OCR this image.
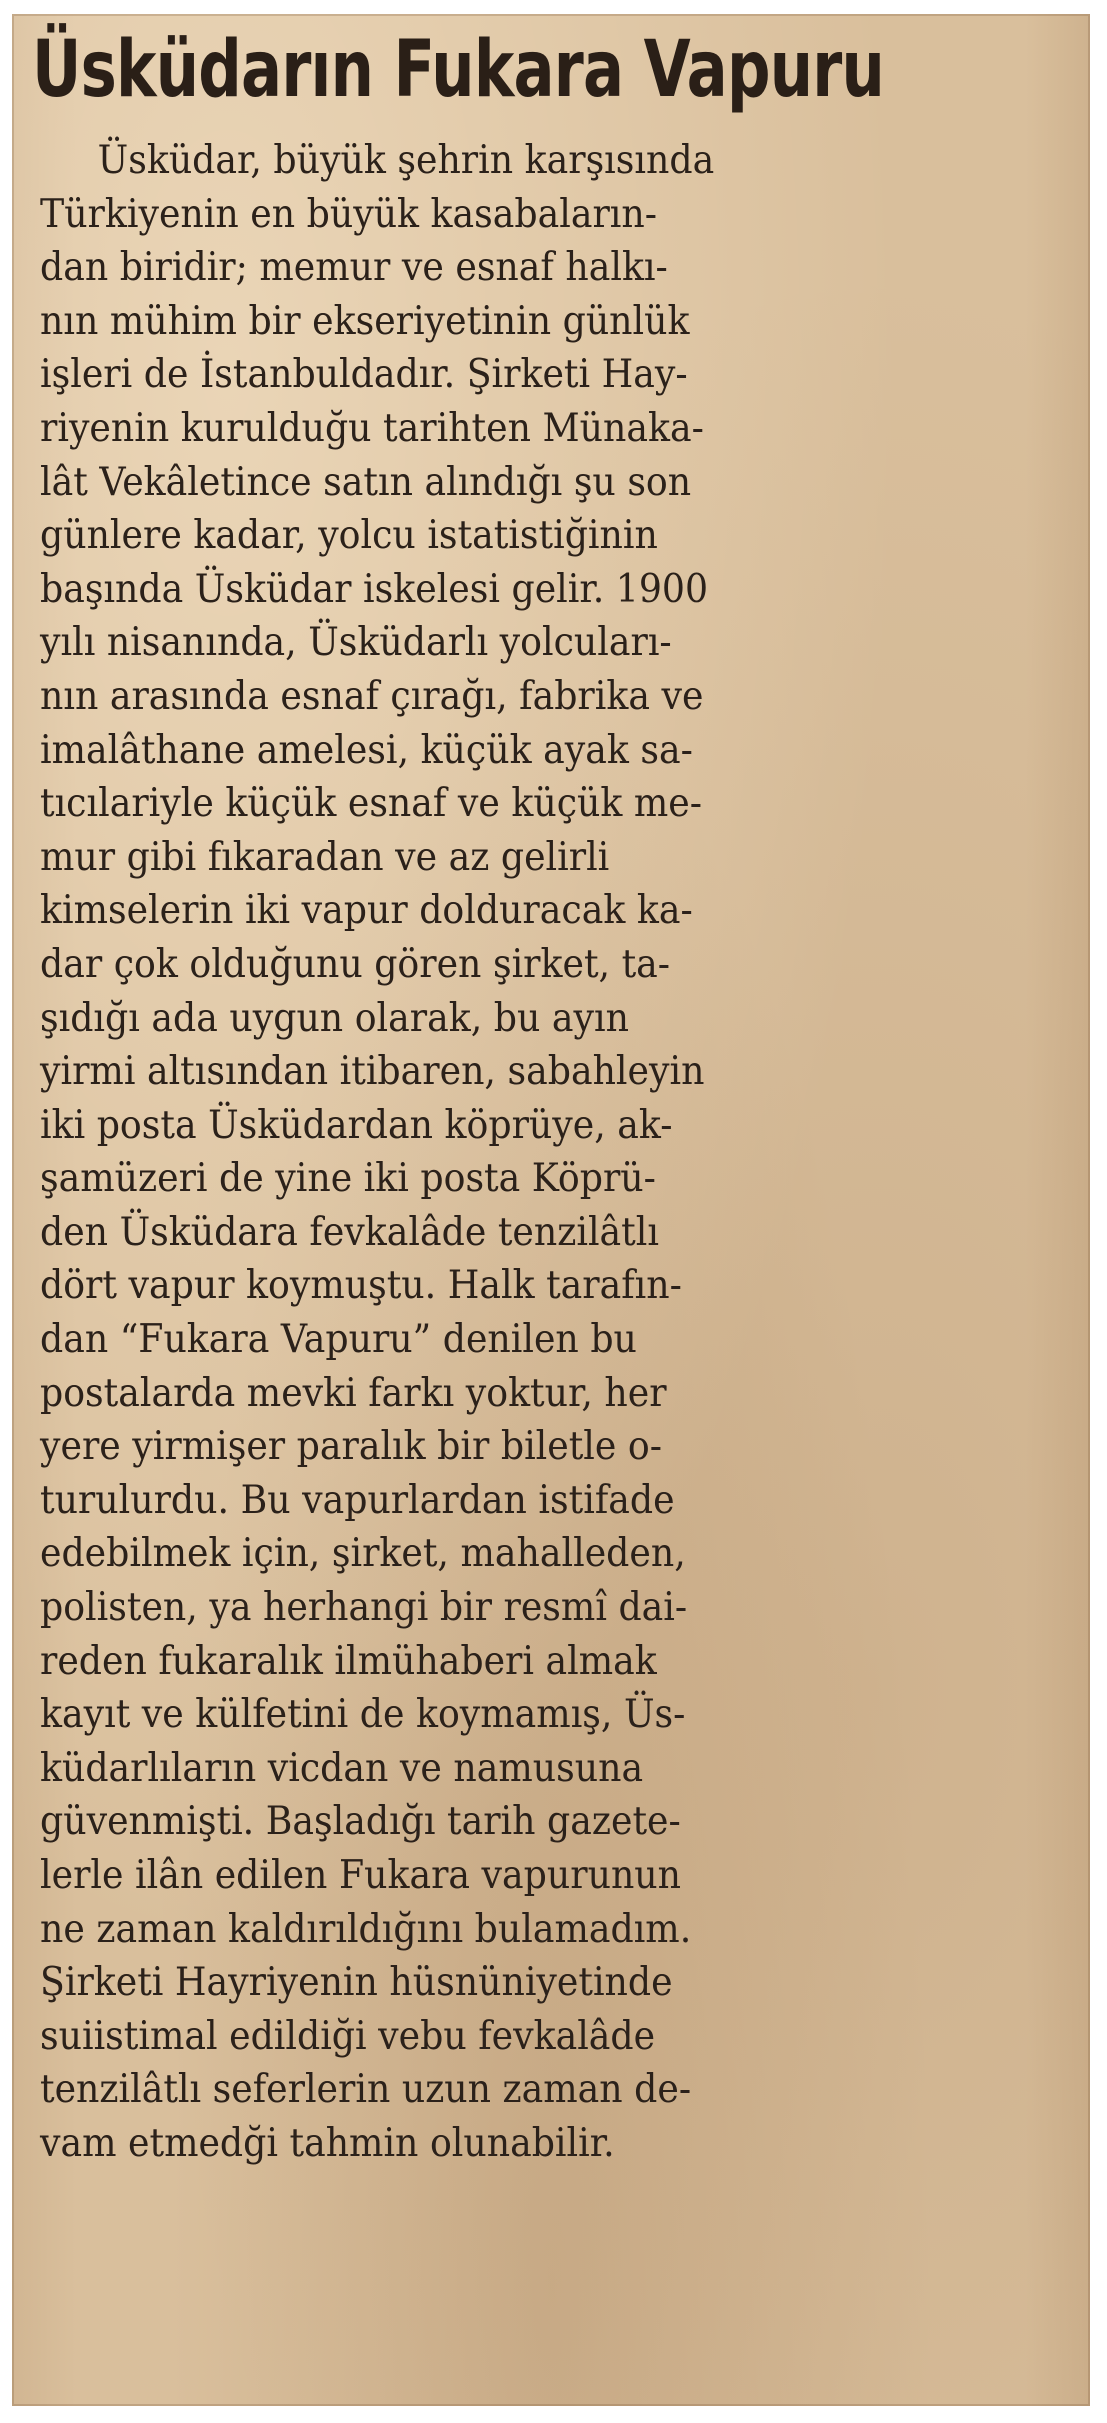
Üsküdarın Fukara Vapuru
Üsküdar, büyük şehrin karşısında
Türkiyenin en büyük kasabaların-
dan biridir; memur ve esnaf halkı-
nın mühim bir ekseriyetinin günlük
işleri de İstanbuldadır. Şirketi Hay-
riyenin kurulduğu tarihten Münaka-
lât Vekâletince satın alındığı şu son
günlere kadar, yolcu istatistiğinin
başında Üsküdar iskelesi gelir. 1900
yılı nisanında, Üsküdarlı yolcuları-
nın arasında esnaf çırağı, fabrika ve
imalâthane amelesi, küçük ayak sa-
tıcılariyle küçük esnaf ve küçük me-
mur gibi fıkaradan ve az gelirli
kimselerin iki vapur dolduracak ka-
dar çok olduğunu gören şirket, ta-
şıdığı ada uygun olarak, bu ayın
yirmi altısından itibaren, sabahleyin
iki posta Üsküdardan köprüye, ak-
şamüzeri de yine iki posta Köprü-
den Üsküdara fevkalâde tenzilâtlı
dört vapur koymuştu. Halk tarafın-
dan “Fukara Vapuru” denilen bu
postalarda mevki farkı yoktur, her
yere yirmişer paralık bir biletle o-
turulurdu. Bu vapurlardan istifade
edebilmek için, şirket, mahalleden,
polisten, ya herhangi bir resmî dai-
reden fukaralık ilmühaberi almak
kayıt ve külfetini de koymamış, Üs-
küdarlıların vicdan ve namusuna
güvenmişti. Başladığı tarih gazete-
lerle ilân edilen Fukara vapurunun
ne zaman kaldırıldığını bulamadım.
Şirketi Hayriyenin hüsnüniyetinde
suiistimal edildiği vebu fevkalâde
tenzilâtlı seferlerin uzun zaman de-
vam etmedği tahmin olunabilir.
